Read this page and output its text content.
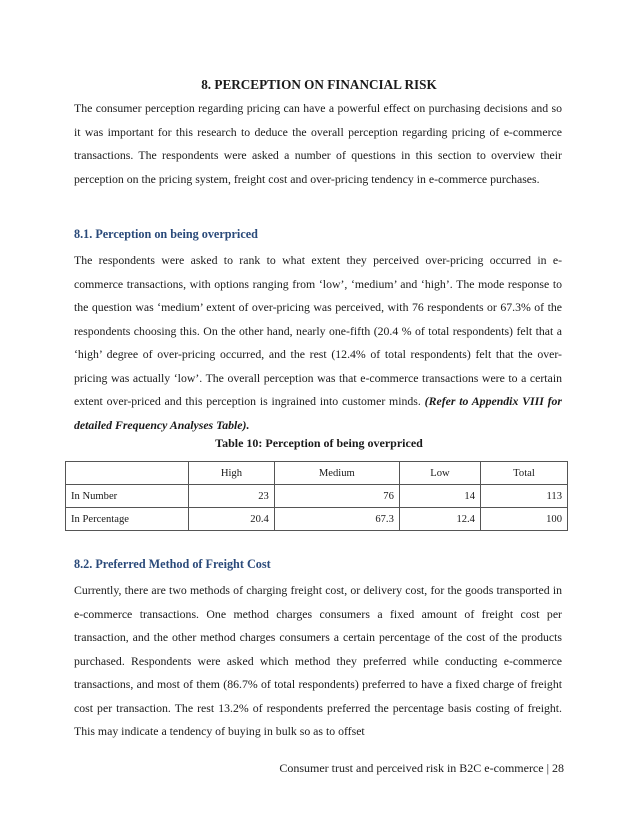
8. PERCEPTION ON FINANCIAL RISK

The consumer perception regarding pricing can have a powerful effect on purchasing decisions and so it was important for this research to deduce the overall perception regarding pricing of e-commerce transactions. The respondents were asked a number of questions in this section to overview their perception on the pricing system, freight cost and over-pricing tendency in e-commerce purchases.

8.1. Perception on being overpriced

The respondents were asked to rank to what extent they perceived over-pricing occurred in e-commerce transactions, with options ranging from ‘low’, ‘medium’ and ‘high’. The mode response to the question was ‘medium’ extent of over-pricing was perceived, with 76 respondents or 67.3% of the respondents choosing this. On the other hand, nearly one-fifth (20.4 % of total respondents) felt that a ‘high’ degree of over-pricing occurred, and the rest (12.4% of total respondents) felt that the over-pricing was actually ‘low’. The overall perception was that e-commerce transactions were to a certain extent over-priced and this perception is ingrained into customer minds. (Refer to Appendix VIII for detailed Frequency Analyses Table).

Table 10: Perception of being overpriced

	High	Medium	Low	Total
In Number	23	76	14	113
In Percentage	20.4	67.3	12.4	100
8.2. Preferred Method of Freight Cost

Currently, there are two methods of charging freight cost, or delivery cost, for the goods transported in e-commerce transactions. One method charges consumers a fixed amount of freight cost per transaction, and the other method charges consumers a certain percentage of the cost of the products purchased. Respondents were asked which method they preferred while conducting e-commerce transactions, and most of them (86.7% of total respondents) preferred to have a fixed charge of freight cost per transaction. The rest 13.2% of respondents preferred the percentage basis costing of freight. This may indicate a tendency of buying in bulk so as to offset

Consumer trust and perceived risk in B2C e-commerce | 28
